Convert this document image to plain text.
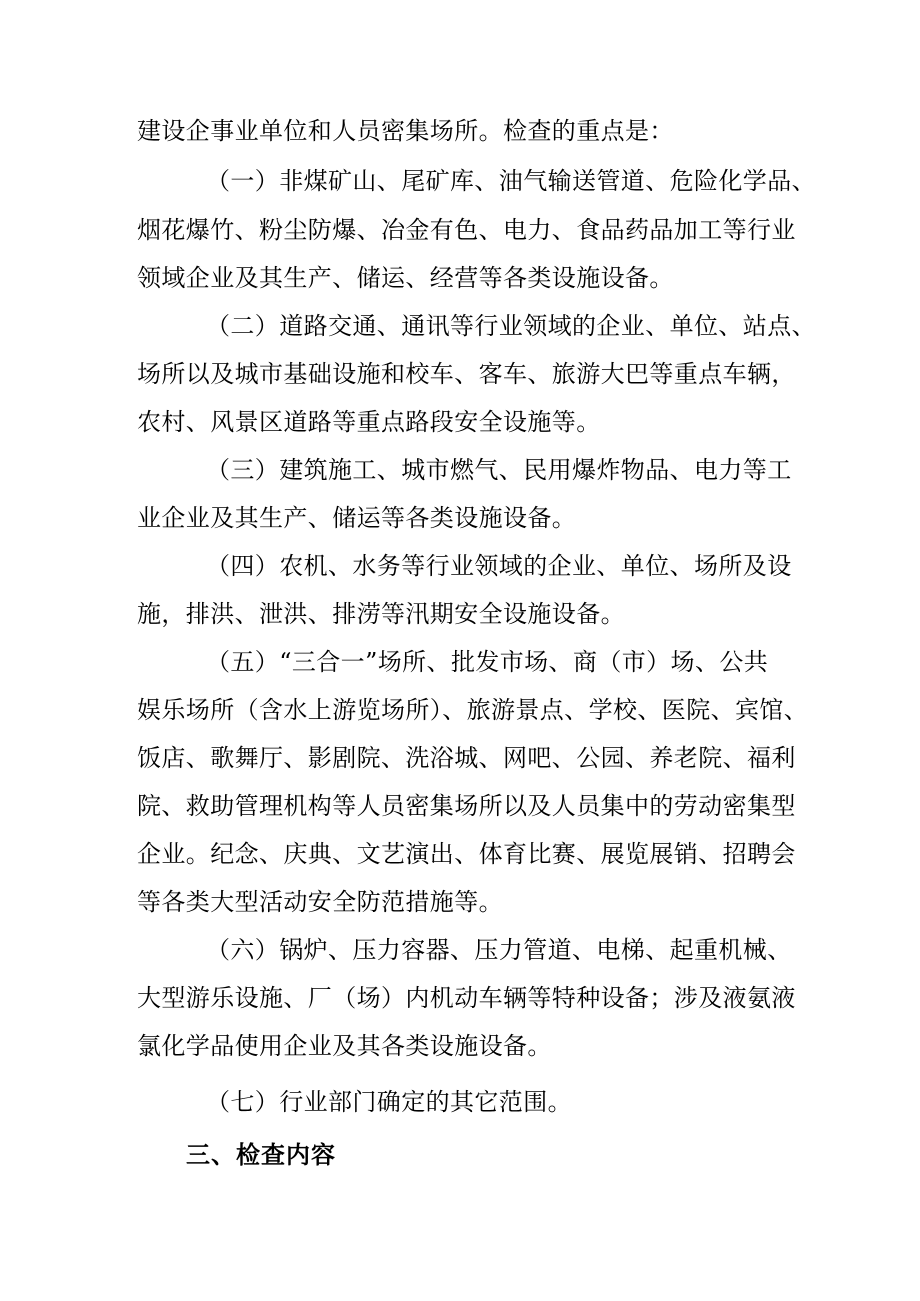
建设企事业单位和人员密集场所。检查的重点是：
（一）非煤矿山、尾矿库、油气输送管道、危险化学品、
烟花爆竹、粉尘防爆、冶金有色、电力、食品药品加工等行业
领域企业及其生产、储运、经营等各类设施设备。
（二）道路交通、通讯等行业领域的企业、单位、站点、
场所以及城市基础设施和校车、客车、旅游大巴等重点车辆，
农村、风景区道路等重点路段安全设施等。
（三）建筑施工、城市燃气、民用爆炸物品、电力等工
业企业及其生产、储运等各类设施设备。
（四）农机、水务等行业领域的企业、单位、场所及设
施，排洪、泄洪、排涝等汛期安全设施设备。
（五）“三合一”场所、批发市场、商（市）场、公共
娱乐场所（含水上游览场所）、旅游景点、学校、医院、宾馆、
饭店、歌舞厅、影剧院、洗浴城、网吧、公园、养老院、福利
院、救助管理机构等人员密集场所以及人员集中的劳动密集型
企业。纪念、庆典、文艺演出、体育比赛、展览展销、招聘会
等各类大型活动安全防范措施等。
（六）锅炉、压力容器、压力管道、电梯、起重机械、
大型游乐设施、厂（场）内机动车辆等特种设备；涉及液氨液
氯化学品使用企业及其各类设施设备。
（七）行业部门确定的其它范围。
三、检查内容
